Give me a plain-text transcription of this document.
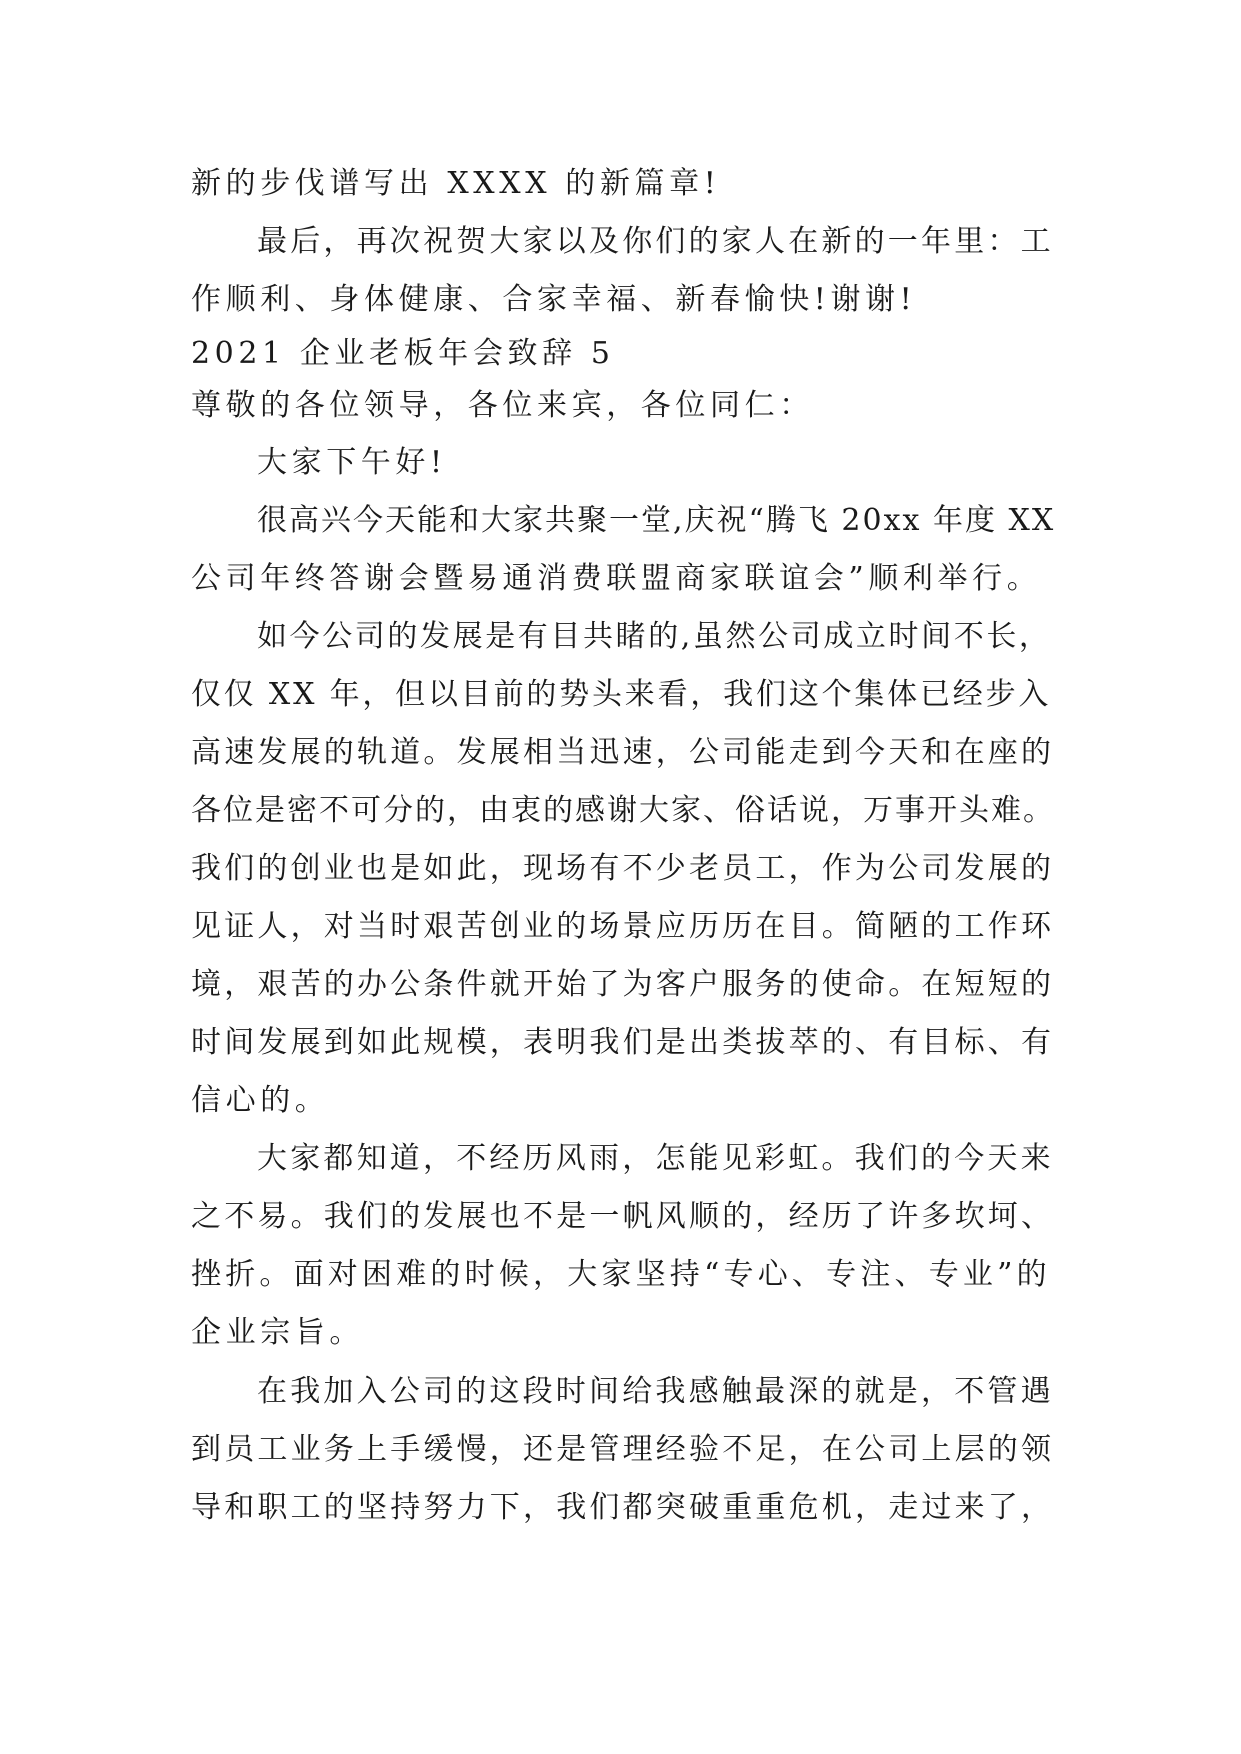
新的步伐谱写出 XXXX 的新篇章!
最后，再次祝贺大家以及你们的家人在新的一年里：工
作顺利、身体健康、合家幸福、新春愉快!谢谢!
2021 企业老板年会致辞 5
尊敬的各位领导，各位来宾，各位同仁：
大家下午好!
很高兴今天能和大家共聚一堂,庆祝“腾飞 20xx 年度 XX
公司年终答谢会暨易通消费联盟商家联谊会”顺利举行。
如今公司的发展是有目共睹的,虽然公司成立时间不长，
仅仅 XX 年，但以目前的势头来看，我们这个集体已经步入
高速发展的轨道。发展相当迅速，公司能走到今天和在座的
各位是密不可分的，由衷的感谢大家、俗话说，万事开头难。
我们的创业也是如此，现场有不少老员工，作为公司发展的
见证人，对当时艰苦创业的场景应历历在目。简陋的工作环
境，艰苦的办公条件就开始了为客户服务的使命。在短短的
时间发展到如此规模，表明我们是出类拔萃的、有目标、有
信心的。
大家都知道，不经历风雨，怎能见彩虹。我们的今天来
之不易。我们的发展也不是一帆风顺的，经历了许多坎坷、
挫折。面对困难的时候，大家坚持“专心、专注、专业”的
企业宗旨。
在我加入公司的这段时间给我感触最深的就是，不管遇
到员工业务上手缓慢，还是管理经验不足，在公司上层的领
导和职工的坚持努力下，我们都突破重重危机，走过来了，
